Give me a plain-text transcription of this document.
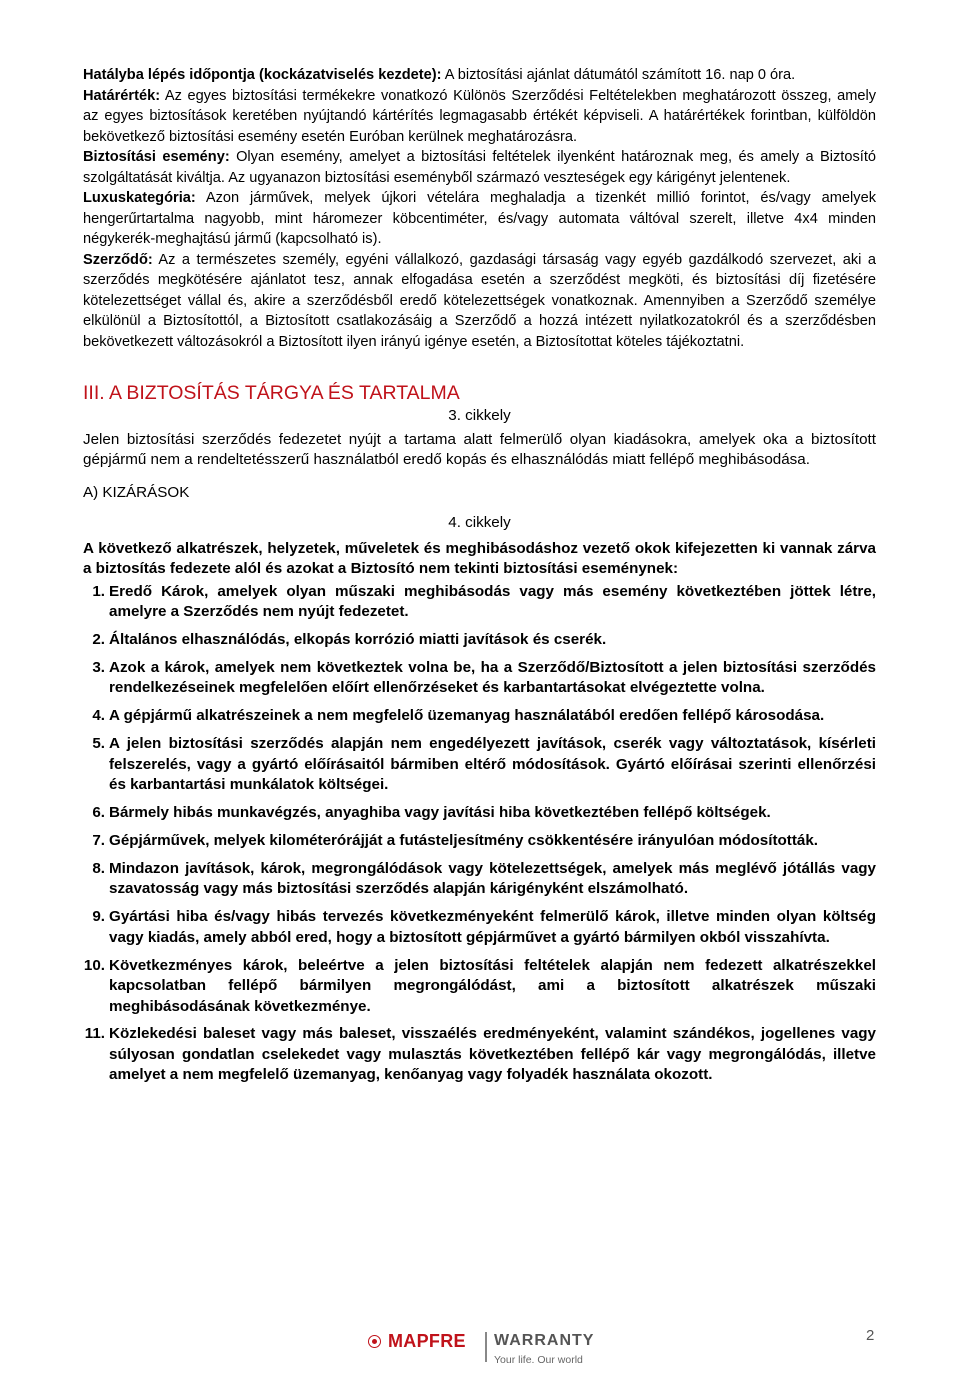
Hatályba lépés időpontja (kockázatviselés kezdete): A biztosítási ajánlat dátumától számított 16. nap 0 óra.

Határérték: Az egyes biztosítási termékekre vonatkozó Különös Szerződési Feltételekben meghatározott összeg, amely az egyes biztosítások keretében nyújtandó kártérítés legmagasabb értékét képviseli. A határértékek forintban, külföldön bekövetkező biztosítási esemény esetén Euróban kerülnek meghatározásra.

Biztosítási esemény: Olyan esemény, amelyet a biztosítási feltételek ilyenként határoznak meg, és amely a Biztosító szolgáltatását kiváltja. Az ugyanazon biztosítási eseményből származó veszteségek egy kárigényt jelentenek.

Luxuskategória: Azon járművek, melyek újkori vételára meghaladja a tizenkét millió forintot, és/vagy amelyek hengerűrtartalma nagyobb, mint háromezer köbcentiméter, és/vagy automata váltóval szerelt, illetve 4x4 minden négykerék-meghajtású jármű (kapcsolható is).

Szerződő: Az a természetes személy, egyéni vállalkozó, gazdasági társaság vagy egyéb gazdálkodó szervezet, aki a szerződés megkötésére ajánlatot tesz, annak elfogadása esetén a szerződést megköti, és biztosítási díj fizetésére kötelezettséget vállal és, akire a szerződésből eredő kötelezettségek vonatkoznak. Amennyiben a Szerződő személye elkülönül a Biztosítottól, a Biztosított csatlakozásáig a Szerződő a hozzá intézett nyilatkozatokról és a szerződésben bekövetkezett változásokról a Biztosított ilyen irányú igénye esetén, a Biztosítottat köteles tájékoztatni.

III. A BIZTOSÍTÁS TÁRGYA ÉS TARTALMA

3. cikkely

Jelen biztosítási szerződés fedezetet nyújt a tartama alatt felmerülő olyan kiadásokra, amelyek oka a biztosított gépjármű nem a rendeltetésszerű használatból eredő kopás és elhasználódás miatt fellépő meghibásodása.

A) KIZÁRÁSOK

4. cikkely

A következő alkatrészek, helyzetek, műveletek és meghibásodáshoz vezető okok kifejezetten ki vannak zárva a biztosítás fedezete alól és azokat a Biztosító nem tekinti biztosítási eseménynek:

1. Eredő Károk, amelyek olyan műszaki meghibásodás vagy más esemény következtében jöttek létre, amelyre a Szerződés nem nyújt fedezetet.
2. Általános elhasználódás, elkopás korrózió miatti javítások és cserék.
3. Azok a károk, amelyek nem következtek volna be, ha a Szerződő/Biztosított a jelen biztosítási szerződés rendelkezéseinek megfelelően előírt ellenőrzéseket és karbantartásokat elvégeztette volna.
4. A gépjármű alkatrészeinek a nem megfelelő üzemanyag használatából eredően fellépő károsodása.
5. A jelen biztosítási szerződés alapján nem engedélyezett javítások, cserék vagy változtatások, kísérleti felszerelés, vagy a gyártó előírásaitól bármiben eltérő módosítások. Gyártó előírásai szerinti ellenőrzési és karbantartási munkálatok költségei.
6. Bármely hibás munkavégzés, anyaghiba vagy javítási hiba következtében fellépő költségek.
7. Gépjárművek, melyek kilométerórájját a futásteljesítmény csökkentésére irányulóan módosították.
8. Mindazon javítások, károk, megrongálódások vagy kötelezettségek, amelyek más meglévő jótállás vagy szavatosság vagy más biztosítási szerződés alapján kárigényként elszámolható.
9. Gyártási hiba és/vagy hibás tervezés következményeként felmerülő károk, illetve minden olyan költség vagy kiadás, amely abból ered, hogy a biztosított gépjárművet a gyártó bármilyen okból visszahívta.
10. Következményes károk, beleértve a jelen biztosítási feltételek alapján nem fedezett alkatrészekkel kapcsolatban fellépő bármilyen megrongálódást, ami a biztosított alkatrészek műszaki meghibásodásának következménye.
11. Közlekedési baleset vagy más baleset, visszaélés eredményeként, valamint szándékos, jogellenes vagy súlyosan gondatlan cselekedet vagy mulasztás következtében fellépő kár vagy megrongálódás, illetve amelyet a nem megfelelő üzemanyag, kenőanyag vagy folyadék használata okozott.
MAPFRE WARRANTY
Your life. Our world
2
